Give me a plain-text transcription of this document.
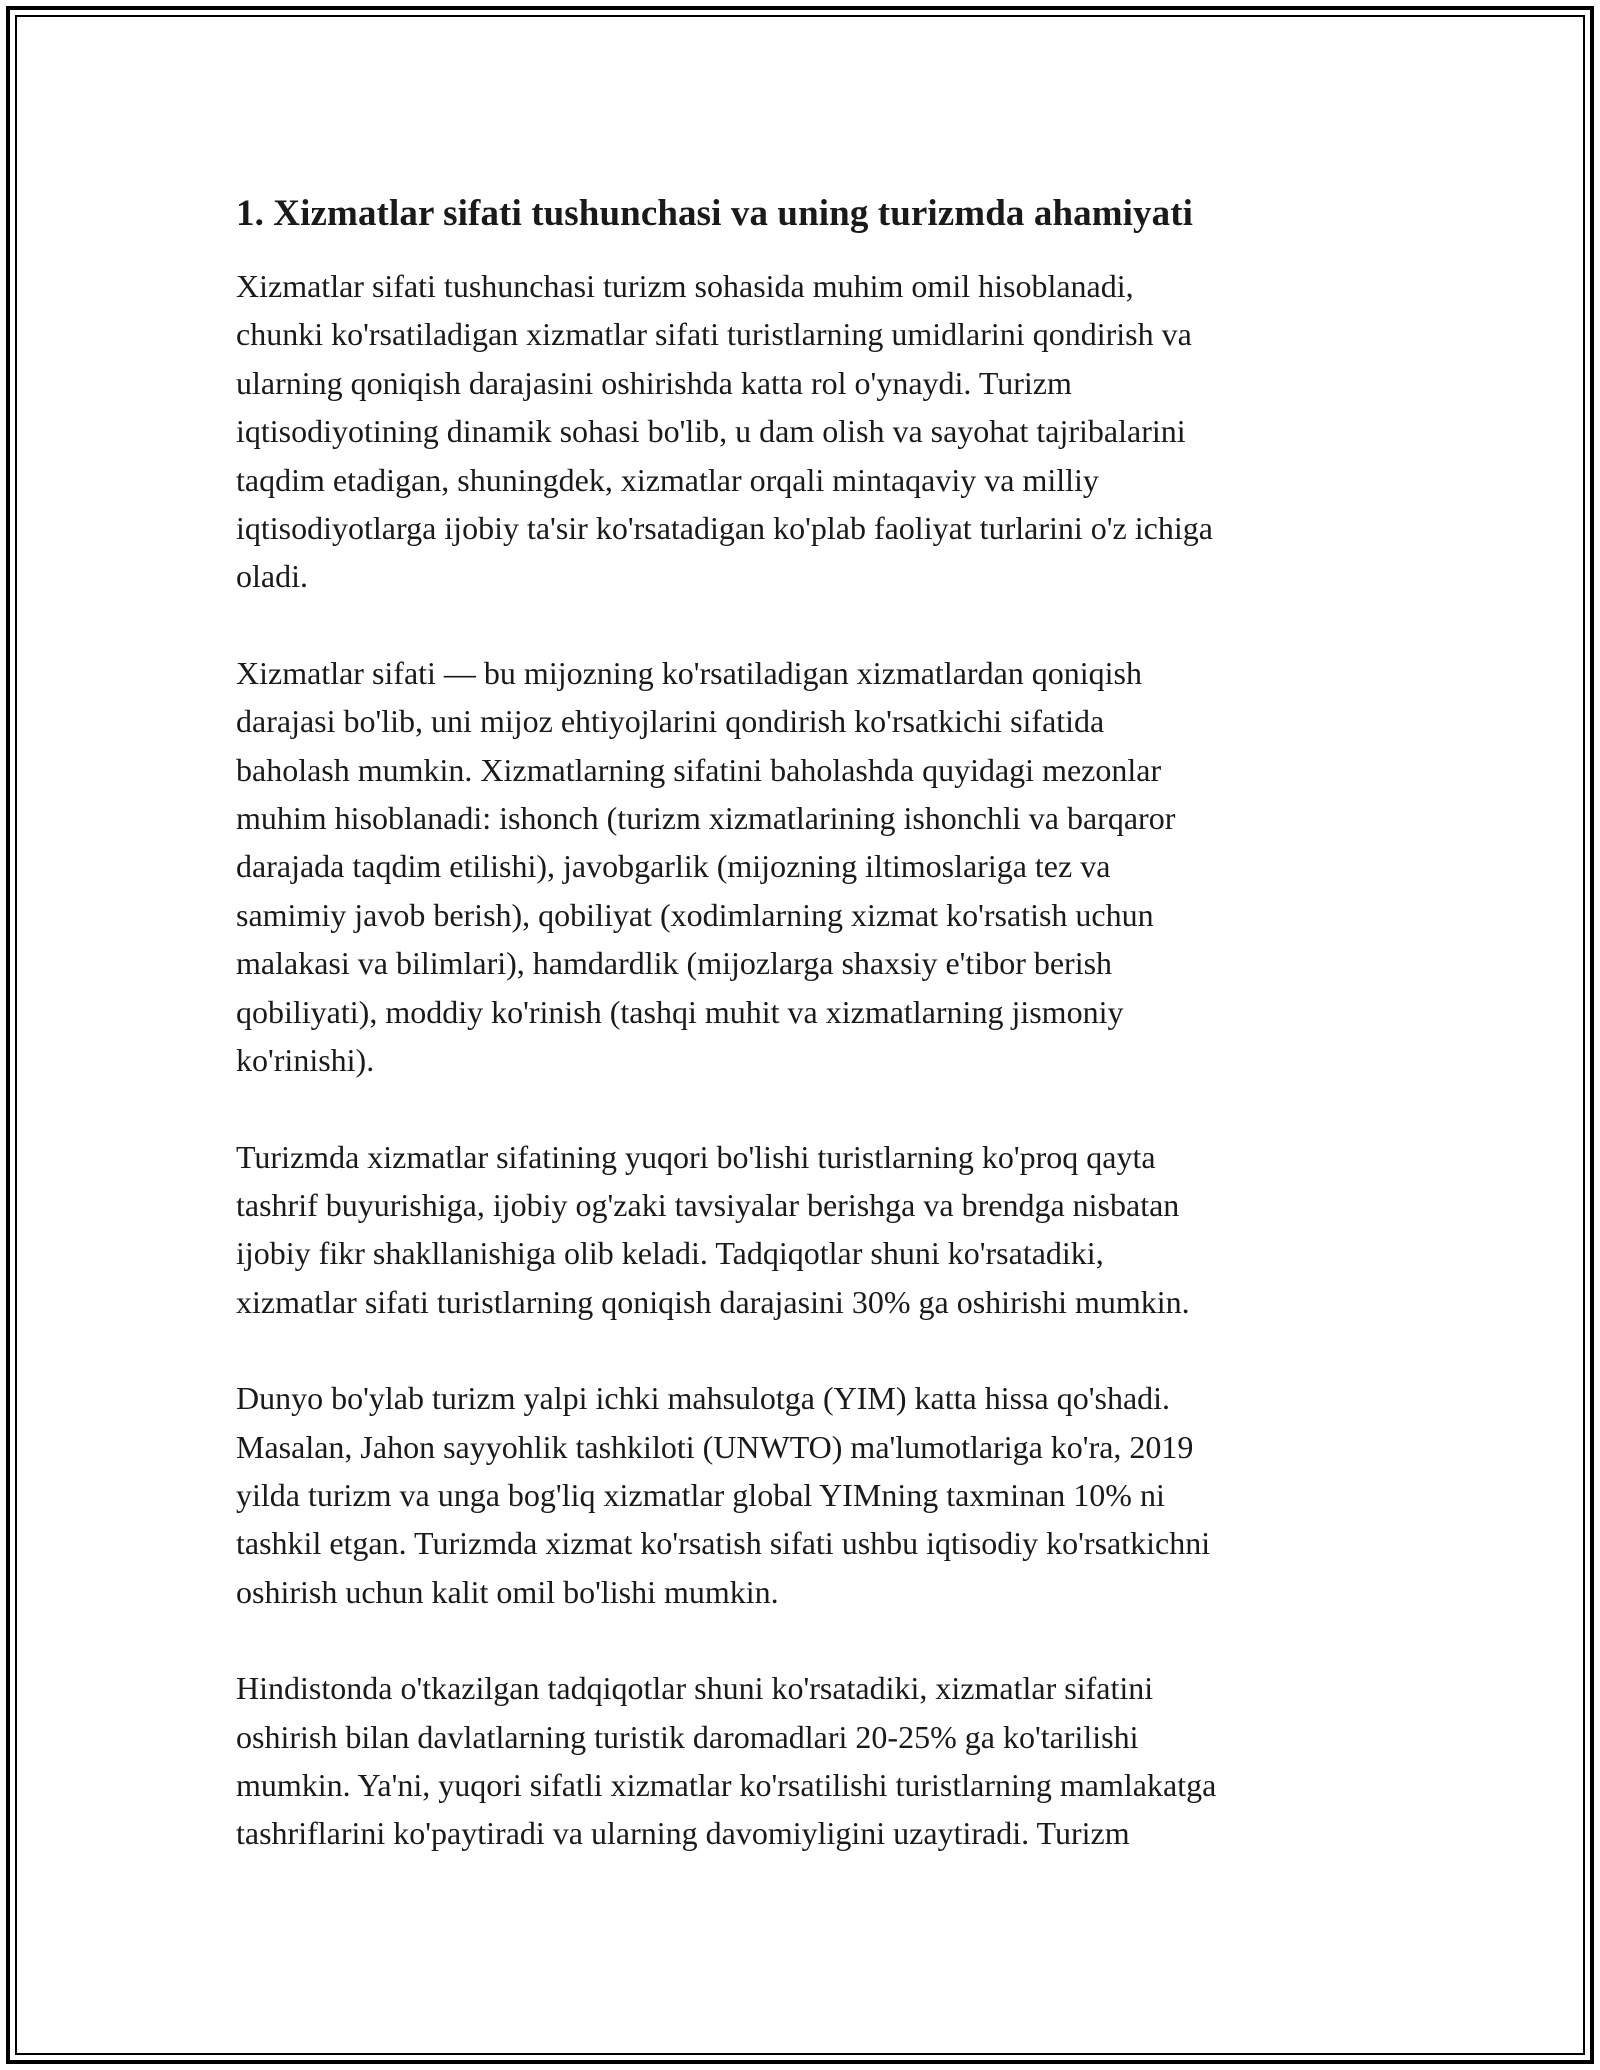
1. Xizmatlar sifati tushunchasi va uning turizmda ahamiyati

Xizmatlar sifati tushunchasi turizm sohasida muhim omil hisoblanadi,
chunki ko'rsatiladigan xizmatlar sifati turistlarning umidlarini qondirish va
ularning qoniqish darajasini oshirishda katta rol o'ynaydi. Turizm
iqtisodiyotining dinamik sohasi bo'lib, u dam olish va sayohat tajribalarini
taqdim etadigan, shuningdek, xizmatlar orqali mintaqaviy va milliy
iqtisodiyotlarga ijobiy ta'sir ko'rsatadigan ko'plab faoliyat turlarini o'z ichiga
oladi.

Xizmatlar sifati — bu mijozning ko'rsatiladigan xizmatlardan qoniqish
darajasi bo'lib, uni mijoz ehtiyojlarini qondirish ko'rsatkichi sifatida
baholash mumkin. Xizmatlarning sifatini baholashda quyidagi mezonlar
muhim hisoblanadi: ishonch (turizm xizmatlarining ishonchli va barqaror
darajada taqdim etilishi), javobgarlik (mijozning iltimoslariga tez va
samimiy javob berish), qobiliyat (xodimlarning xizmat ko'rsatish uchun
malakasi va bilimlari), hamdardlik (mijozlarga shaxsiy e'tibor berish
qobiliyati), moddiy ko'rinish (tashqi muhit va xizmatlarning jismoniy
ko'rinishi).

Turizmda xizmatlar sifatining yuqori bo'lishi turistlarning ko'proq qayta
tashrif buyurishiga, ijobiy og'zaki tavsiyalar berishga va brendga nisbatan
ijobiy fikr shakllanishiga olib keladi. Tadqiqotlar shuni ko'rsatadiki,
xizmatlar sifati turistlarning qoniqish darajasini 30% ga oshirishi mumkin.

Dunyo bo'ylab turizm yalpi ichki mahsulotga (YIM) katta hissa qo'shadi.
Masalan, Jahon sayyohlik tashkiloti (UNWTO) ma'lumotlariga ko'ra, 2019
yilda turizm va unga bog'liq xizmatlar global YIMning taxminan 10% ni
tashkil etgan. Turizmda xizmat ko'rsatish sifati ushbu iqtisodiy ko'rsatkichni
oshirish uchun kalit omil bo'lishi mumkin.

Hindistonda o'tkazilgan tadqiqotlar shuni ko'rsatadiki, xizmatlar sifatini
oshirish bilan davlatlarning turistik daromadlari 20-25% ga ko'tarilishi
mumkin. Ya'ni, yuqori sifatli xizmatlar ko'rsatilishi turistlarning mamlakatga
tashriflarini ko'paytiradi va ularning davomiyligini uzaytiradi. Turizm
